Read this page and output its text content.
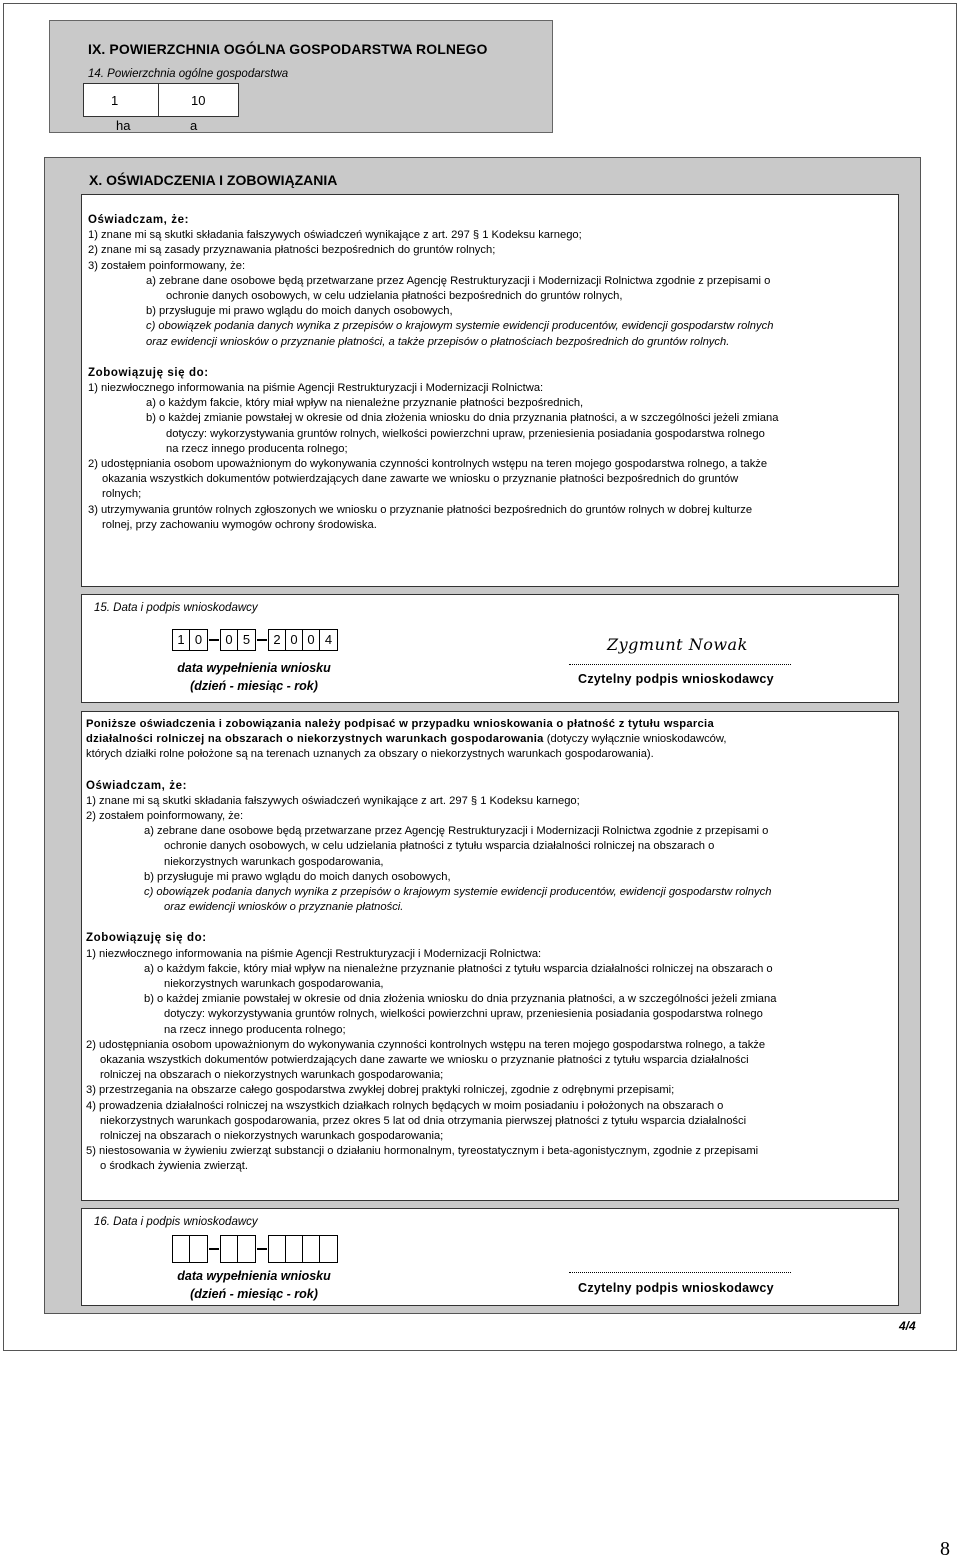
IX. POWIERZCHNIA OGÓLNA GOSPODARSTWA ROLNEGO
14. Powierzchnia ogólne gospodarstwa
1	10
ha	a
X. OŚWIADCZENIA I ZOBOWIĄZANIA
Oświadczam, że:
1) znane mi są skutki składania fałszywych oświadczeń wynikające z art. 297 § 1 Kodeksu karnego;
2) znane mi są zasady przyznawania płatności bezpośrednich do gruntów rolnych;
3) zostałem poinformowany, że:
a) zebrane dane osobowe będą przetwarzane przez Agencję Restrukturyzacji i Modernizacji Rolnictwa zgodnie z przepisami o
ochronie danych osobowych, w celu udzielania płatności bezpośrednich do gruntów rolnych,
b) przysługuje mi prawo wglądu do moich danych osobowych,
c) obowiązek podania danych wynika z przepisów o krajowym systemie ewidencji producentów, ewidencji gospodarstw rolnych
oraz ewidencji wniosków o przyznanie płatności, a także przepisów o płatnościach bezpośrednich do gruntów rolnych.
Zobowiązuję się do:
1) niezwłocznego informowania na piśmie Agencji Restrukturyzacji i Modernizacji Rolnictwa:
a) o każdym fakcie, który miał wpływ na nienależne przyznanie płatności bezpośrednich,
b) o każdej zmianie powstałej w okresie od dnia złożenia wniosku do dnia przyznania płatności, a w szczególności jeżeli zmiana
dotyczy: wykorzystywania gruntów rolnych, wielkości powierzchni upraw, przeniesienia posiadania gospodarstwa rolnego
na rzecz innego producenta rolnego;
2) udostępniania osobom upoważnionym do wykonywania czynności kontrolnych wstępu na teren mojego gospodarstwa rolnego, a także
okazania wszystkich dokumentów potwierdzających dane zawarte we wniosku o przyznanie płatności bezpośrednich do gruntów
rolnych;
3) utrzymywania gruntów rolnych zgłoszonych we wniosku o przyznanie płatności bezpośrednich do gruntów rolnych w dobrej kulturze
rolnej, przy zachowaniu wymogów ochrony środowiska.
15. Data i podpis wnioskodawcy
1 0	0 5	2 0 0 4
data wypełnienia wniosku
(dzień - miesiąc - rok)
Zygmunt Nowak
Czytelny podpis wnioskodawcy
Poniższe oświadczenia i zobowiązania należy podpisać w przypadku wnioskowania o płatność z tytułu wsparcia
działalności rolniczej na obszarach o niekorzystnych warunkach gospodarowania (dotyczy wyłącznie wnioskodawców,
których działki rolne położone są na terenach uznanych za obszary o niekorzystnych warunkach gospodarowania).
Oświadczam, że:
1) znane mi są skutki składania fałszywych oświadczeń wynikające z art. 297 § 1 Kodeksu karnego;
2) zostałem poinformowany, że:
a) zebrane dane osobowe będą przetwarzane przez Agencję Restrukturyzacji i Modernizacji Rolnictwa zgodnie z przepisami o
ochronie danych osobowych, w celu udzielania płatności z tytułu wsparcia działalności rolniczej na obszarach o
niekorzystnych warunkach gospodarowania,
b) przysługuje mi prawo wglądu do moich danych osobowych,
c) obowiązek podania danych wynika z przepisów o krajowym systemie ewidencji producentów, ewidencji gospodarstw rolnych
oraz ewidencji wniosków o przyznanie płatności.
Zobowiązuję się do:
1) niezwłocznego informowania na piśmie Agencji Restrukturyzacji i Modernizacji Rolnictwa:
a) o każdym fakcie, który miał wpływ na nienależne przyznanie płatności z tytułu wsparcia działalności rolniczej na obszarach o
niekorzystnych warunkach gospodarowania,
b) o każdej zmianie powstałej w okresie od dnia złożenia wniosku do dnia przyznania płatności, a w szczególności jeżeli zmiana
dotyczy: wykorzystywania gruntów rolnych, wielkości powierzchni upraw, przeniesienia posiadania gospodarstwa rolnego
na rzecz innego producenta rolnego;
2) udostępniania osobom upoważnionym do wykonywania czynności kontrolnych wstępu na teren mojego gospodarstwa rolnego, a także
okazania wszystkich dokumentów potwierdzających dane zawarte we wniosku o przyznanie płatności z tytułu wsparcia działalności
rolniczej na obszarach o niekorzystnych warunkach gospodarowania;
3) przestrzegania na obszarze całego gospodarstwa zwykłej dobrej praktyki rolniczej, zgodnie z odrębnymi przepisami;
4) prowadzenia działalności rolniczej na wszystkich działkach rolnych będących w moim posiadaniu i położonych na obszarach o
niekorzystnych warunkach gospodarowania, przez okres 5 lat od dnia otrzymania pierwszej płatności z tytułu wsparcia działalności
rolniczej na obszarach o niekorzystnych warunkach gospodarowania;
5) niestosowania w żywieniu zwierząt substancji o działaniu hormonalnym, tyreostatycznym i beta-agonistycznym, zgodnie z przepisami
o środkach żywienia zwierząt.
16. Data i podpis wnioskodawcy
data wypełnienia wniosku
(dzień - miesiąc - rok)	Czytelny podpis wnioskodawcy
4/4
8
